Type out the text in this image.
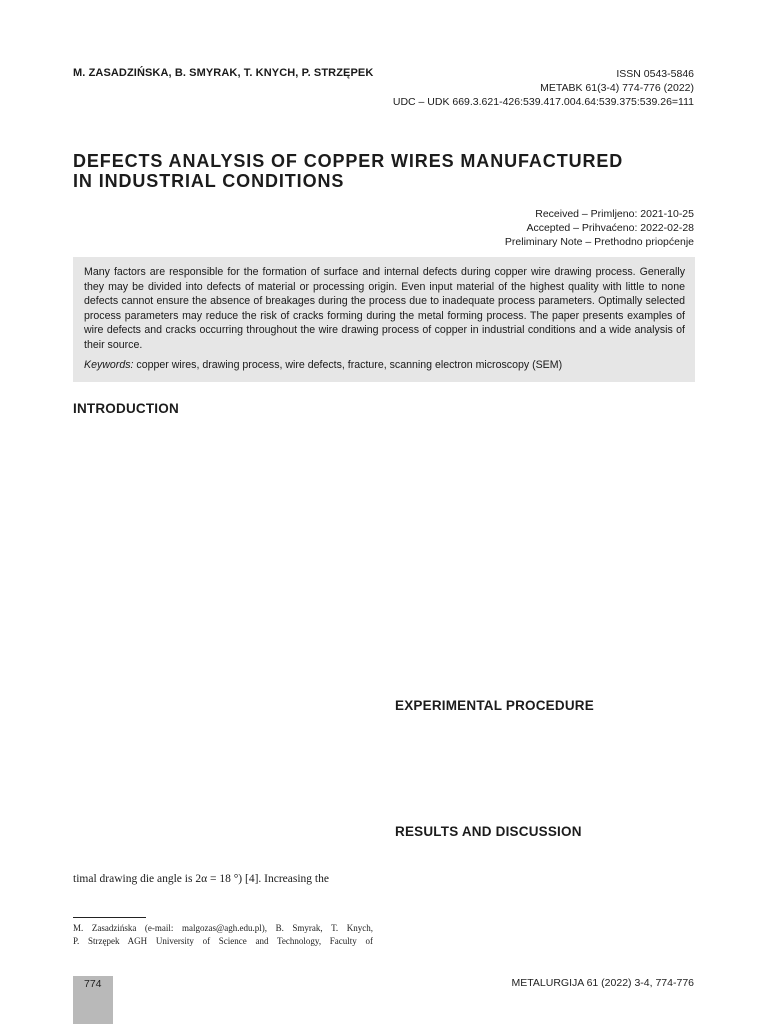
M. ZASADZIŃSKA, B. SMYRAK, T. KNYCH, P. STRZĘPEK	ISSN 0543-5846
METABK 61(3-4) 774-776 (2022)
UDC – UDK 669.3.621-426:539.417.004.64:539.375:539.26=111
DEFECTS ANALYSIS OF COPPER WIRES MANUFACTURED
IN INDUSTRIAL CONDITIONS
Received – Primljeno: 2021-10-25
Accepted – Prihvaćeno: 2022-02-28
Preliminary Note – Prethodno priopćenje

Many factors are responsible for the formation of surface and internal defects during copper wire drawing process. Generally they may be divided into defects of material or processing origin. Even input material of the highest quality with little to none defects cannot ensure the absence of breakages during the process due to inadequate process parameters. Optimally selected process parameters may reduce the risk of cracks forming during the metal forming process. The paper presents examples of wire defects and cracks occurring throughout the wire drawing process of copper in industrial conditions and a wide analysis of their source.

Keywords: copper wires, drawing process, wire defects, fracture, scanning electron microscopy (SEM)

INTRODUCTION
EXPERIMENTAL PROCEDURE
RESULTS AND DISCUSSION
timal drawing die angle is 2α = 18 °) [4]. Increasing the
M. Zasadzińska (e-mail: malgozas@agh.edu.pl), B. Smyrak, T. Knych,
P. Strzępek AGH University of Science and Technology, Faculty of
774	METALURGIJA 61 (2022) 3-4, 774-776
